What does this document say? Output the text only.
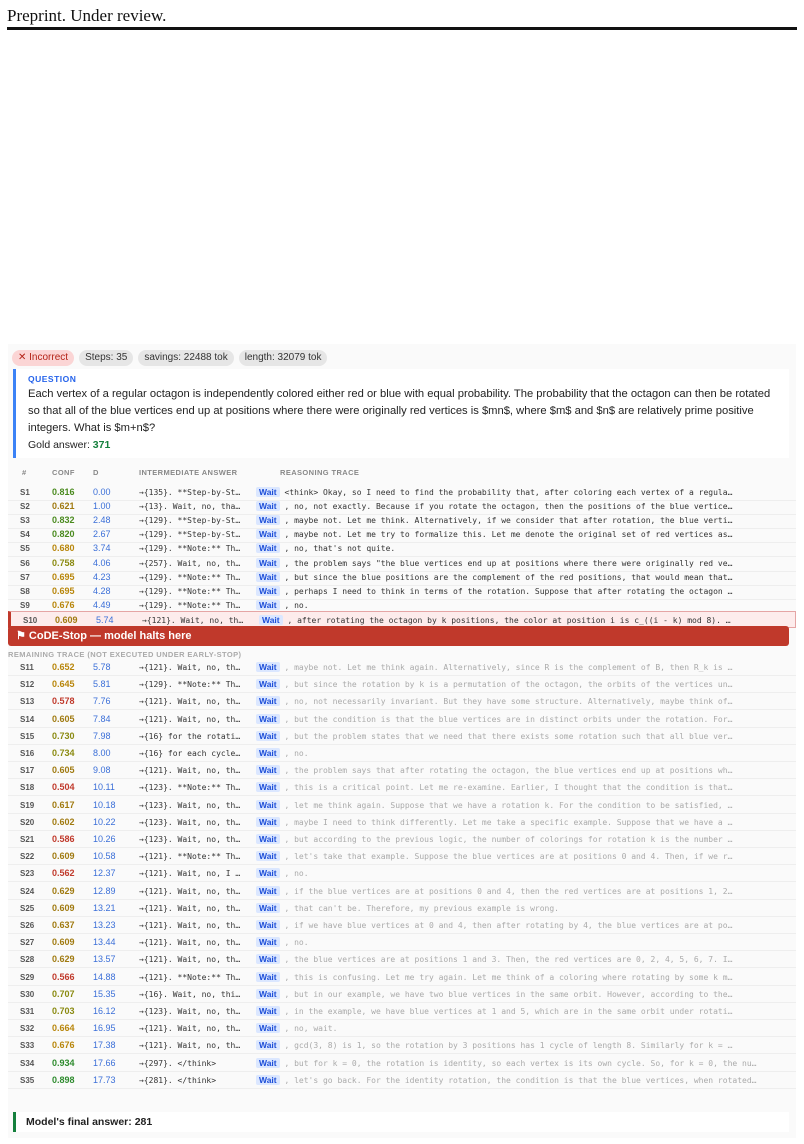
Preprint. Under review.
✕ Incorrect	Steps: 35	savings: 22488 tok	length: 32079 tok
QUESTION
Each vertex of a regular octagon is independently colored either red or blue with equal probability. The probability that the octagon can then be rotated so that all of the blue vertices end up at positions where there were originally red vertices is $mn$, where $m$ and $n$ are relatively prime positive integers. What is $m+n$?
Gold answer: 371
#	CONF D	INTERMEDIATE ANSWER	REASONING TRACE
S1 0.816 0.00	→{135}. **Step-by-St…	Wait <think> Okay, so I need to find the probability that, after coloring each vertex of a regula…
S2 0.621 1.00	→{13}. Wait, no, tha…	Wait , no, not exactly. Because if you rotate the octagon, then the positions of the blue vertice…
S3 0.832 2.48	→{129}. **Step-by-St…	Wait , maybe not. Let me think. Alternatively, if we consider that after rotation, the blue verti…
S4 0.820 2.67	→{129}. **Step-by-St…	Wait , maybe not. Let me try to formalize this. Let me denote the original set of red vertices as…
S5 0.680 3.74	→{129}. **Note:** Th…	Wait , no, that's not quite.
S6 0.758 4.06	→{257}. Wait, no, th…	Wait , the problem says "the blue vertices end up at positions where there were originally red ve…
S7 0.695 4.23	→{129}. **Note:** Th…	Wait , but since the blue positions are the complement of the red positions, that would mean that…
S8 0.695 4.28	→{129}. **Note:** Th…	Wait , perhaps I need to think in terms of the rotation. Suppose that after rotating the octagon …
S9 0.676 4.49	→{129}. **Note:** Th…	Wait , no.
S10 0.609 5.74	→{121}. Wait, no, th…	Wait , after rotating the octagon by k positions, the color at position i is c_((i - k) mod 8). …
⚑ CoDE-Stop — model halts here
REMAINING TRACE (NOT EXECUTED UNDER EARLY-STOP)
S11 0.652 5.78	→{121}. Wait, no, th…	Wait , maybe not. Let me think again. Alternatively, since R is the complement of B, then R_k is …
S12 0.645 5.81	→{129}. **Note:** Th…	Wait , but since the rotation by k is a permutation of the octagon, the orbits of the vertices un…
S13 0.578 7.76	→{121}. Wait, no, th…	Wait , no, not necessarily invariant. But they have some structure. Alternatively, maybe think of…
S14 0.605 7.84	→{121}. Wait, no, th…	Wait , but the condition is that the blue vertices are in distinct orbits under the rotation. For…
S15 0.730 7.98	→{16} for the rotati…	Wait , but the problem states that we need that there exists some rotation such that all blue ver…
S16 0.734 8.00	→{16} for each cycle…	Wait , no.
S17 0.605 9.08	→{121}. Wait, no, th…	Wait , the problem says that after rotating the octagon, the blue vertices end up at positions wh…
S18 0.504 10.11	→{123}. **Note:** Th…	Wait , this is a critical point. Let me re-examine. Earlier, I thought that the condition is that…
S19 0.617 10.18	→{123}. Wait, no, th…	Wait , let me think again. Suppose that we have a rotation k. For the condition to be satisfied, …
S20 0.602 10.22	→{123}. Wait, no, th…	Wait , maybe I need to think differently. Let me take a specific example. Suppose that we have a …
S21 0.586 10.26	→{123}. Wait, no, th…	Wait , but according to the previous logic, the number of colorings for rotation k is the number …
S22 0.609 10.58	→{121}. **Note:** Th…	Wait , let's take that example. Suppose the blue vertices are at positions 0 and 4. Then, if we r…
S23 0.562 12.37	→{121}. Wait, no, I …	Wait , no.
S24 0.629 12.89	→{121}. Wait, no, th…	Wait , if the blue vertices are at positions 0 and 4, then the red vertices are at positions 1, 2…
S25 0.609 13.21	→{121}. Wait, no, th…	Wait , that can't be. Therefore, my previous example is wrong.
S26 0.637 13.23	→{121}. Wait, no, th…	Wait , if we have blue vertices at 0 and 4, then after rotating by 4, the blue vertices are at po…
S27 0.609 13.44	→{121}. Wait, no, th…	Wait , no.
S28 0.629 13.57	→{121}. Wait, no, th…	Wait , the blue vertices are at positions 1 and 3. Then, the red vertices are 0, 2, 4, 5, 6, 7. I…
S29 0.566 14.88	→{121}. **Note:** Th…	Wait , this is confusing. Let me try again. Let me think of a coloring where rotating by some k m…
S30 0.707 15.35	→{16}. Wait, no, thi…	Wait , but in our example, we have two blue vertices in the same orbit. However, according to the…
S31 0.703 16.12	→{123}. Wait, no, th…	Wait , in the example, we have blue vertices at 1 and 5, which are in the same orbit under rotati…
S32 0.664 16.95	→{121}. Wait, no, th…	Wait , no, wait.
S33 0.676 17.38	→{121}. Wait, no, th…	Wait , gcd(3, 8) is 1, so the rotation by 3 positions has 1 cycle of length 8. Similarly for k = …
S34 0.934 17.66	→{297}. </think>	Wait , but for k = 0, the rotation is identity, so each vertex is its own cycle. So, for k = 0, the nu…
S35 0.898 17.73	→{281}. </think>	Wait , let's go back. For the identity rotation, the condition is that the blue vertices, when rotated…
Model's final answer: 281
